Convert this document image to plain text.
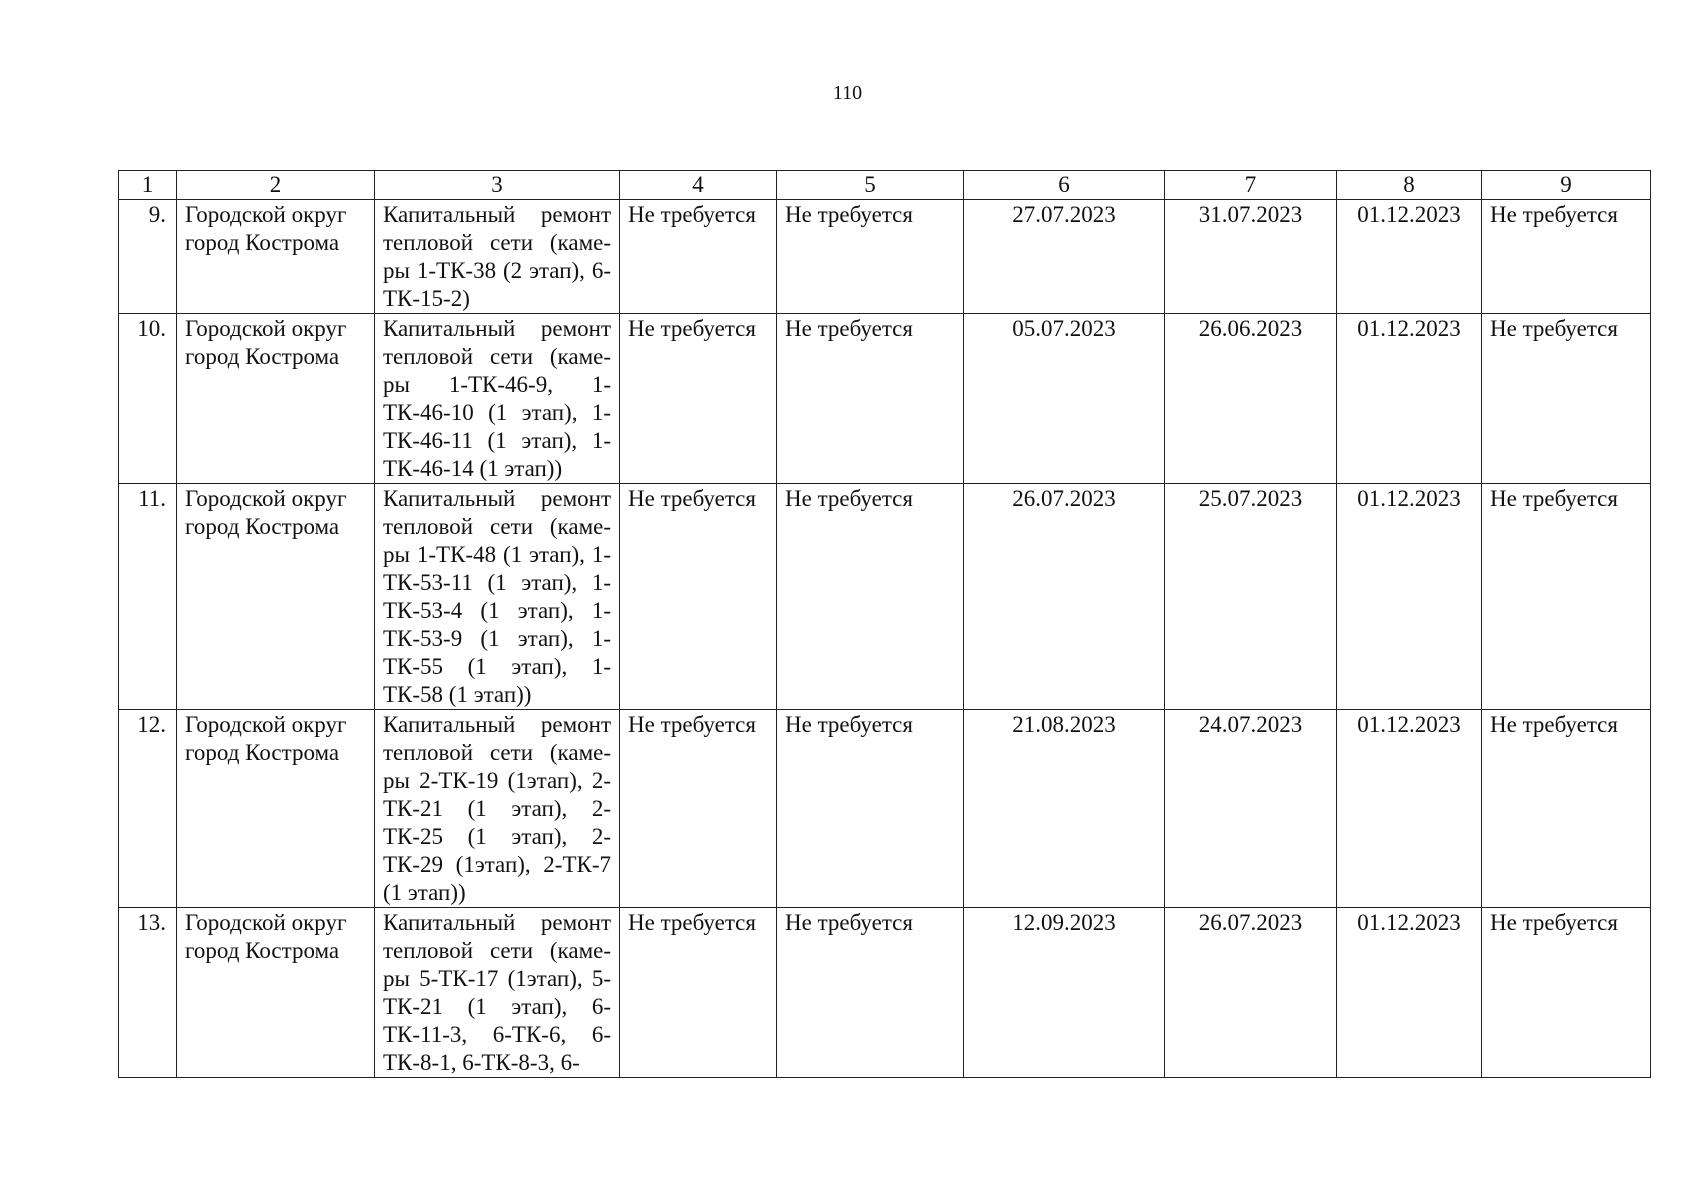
110
1	2	3	4	5	6	7	8	9
9.	Городской округ город Кострома	Капитальный ремонт тепловой сети (каме-ры 1-ТК-38 (2 этап), 6-ТК-15-2)	Не требуется	Не требуется	27.07.2023	31.07.2023	01.12.2023	Не требуется
10.	Городской округ город Кострома	Капитальный ремонт тепловой сети (каме-ры 1-ТК-46-9, 1-ТК-46-10 (1 этап), 1-ТК-46-11 (1 этап), 1-ТК-46-14 (1 этап))	Не требуется	Не требуется	05.07.2023	26.06.2023	01.12.2023	Не требуется
11.	Городской округ город Кострома	Капитальный ремонт тепловой сети (каме-ры 1-ТК-48 (1 этап), 1-ТК-53-11 (1 этап), 1-ТК-53-4 (1 этап), 1-ТК-53-9 (1 этап), 1-ТК-55 (1 этап), 1-ТК-58 (1 этап))	Не требуется	Не требуется	26.07.2023	25.07.2023	01.12.2023	Не требуется
12.	Городской округ город Кострома	Капитальный ремонт тепловой сети (каме-ры 2-ТК-19 (1этап), 2-ТК-21 (1 этап), 2-ТК-25 (1 этап), 2-ТК-29 (1этап), 2-ТК-7 (1 этап))	Не требуется	Не требуется	21.08.2023	24.07.2023	01.12.2023	Не требуется
13.	Городской округ город Кострома	Капитальный ремонт тепловой сети (каме-ры 5-ТК-17 (1этап), 5-ТК-21 (1 этап), 6-ТК-11-3, 6-ТК-6, 6-ТК-8-1, 6-ТК-8-3, 6-	Не требуется	Не требуется	12.09.2023	26.07.2023	01.12.2023	Не требуется
